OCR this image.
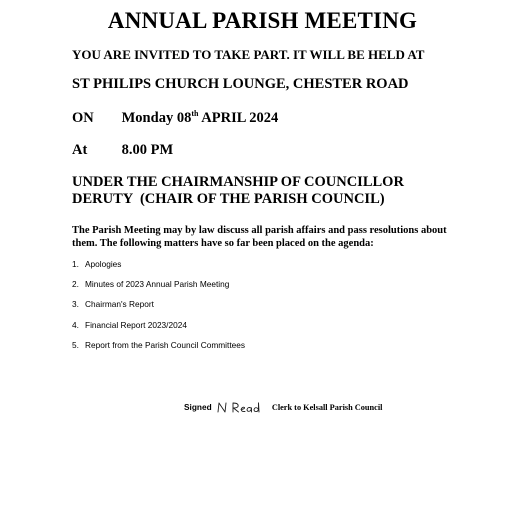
ANNUAL PARISH MEETING
YOU ARE INVITED TO TAKE PART. IT WILL BE HELD AT
ST PHILIPS CHURCH LOUNGE, CHESTER ROAD
ON Monday 08th APRIL 2024
At 8.00 PM
UNDER THE CHAIRMANSHIP OF COUNCILLOR
DERUTY  (CHAIR OF THE PARISH COUNCIL)
The Parish Meeting may by law discuss all parish affairs and pass resolutions about them. The following matters have so far been placed on the agenda:
1. Apologies
2. Minutes of 2023 Annual Parish Meeting
3. Chairman's Report
4. Financial Report 2023/2024
5. Report from the Parish Council Committees
Signed	Clerk to Kelsall Parish Council
